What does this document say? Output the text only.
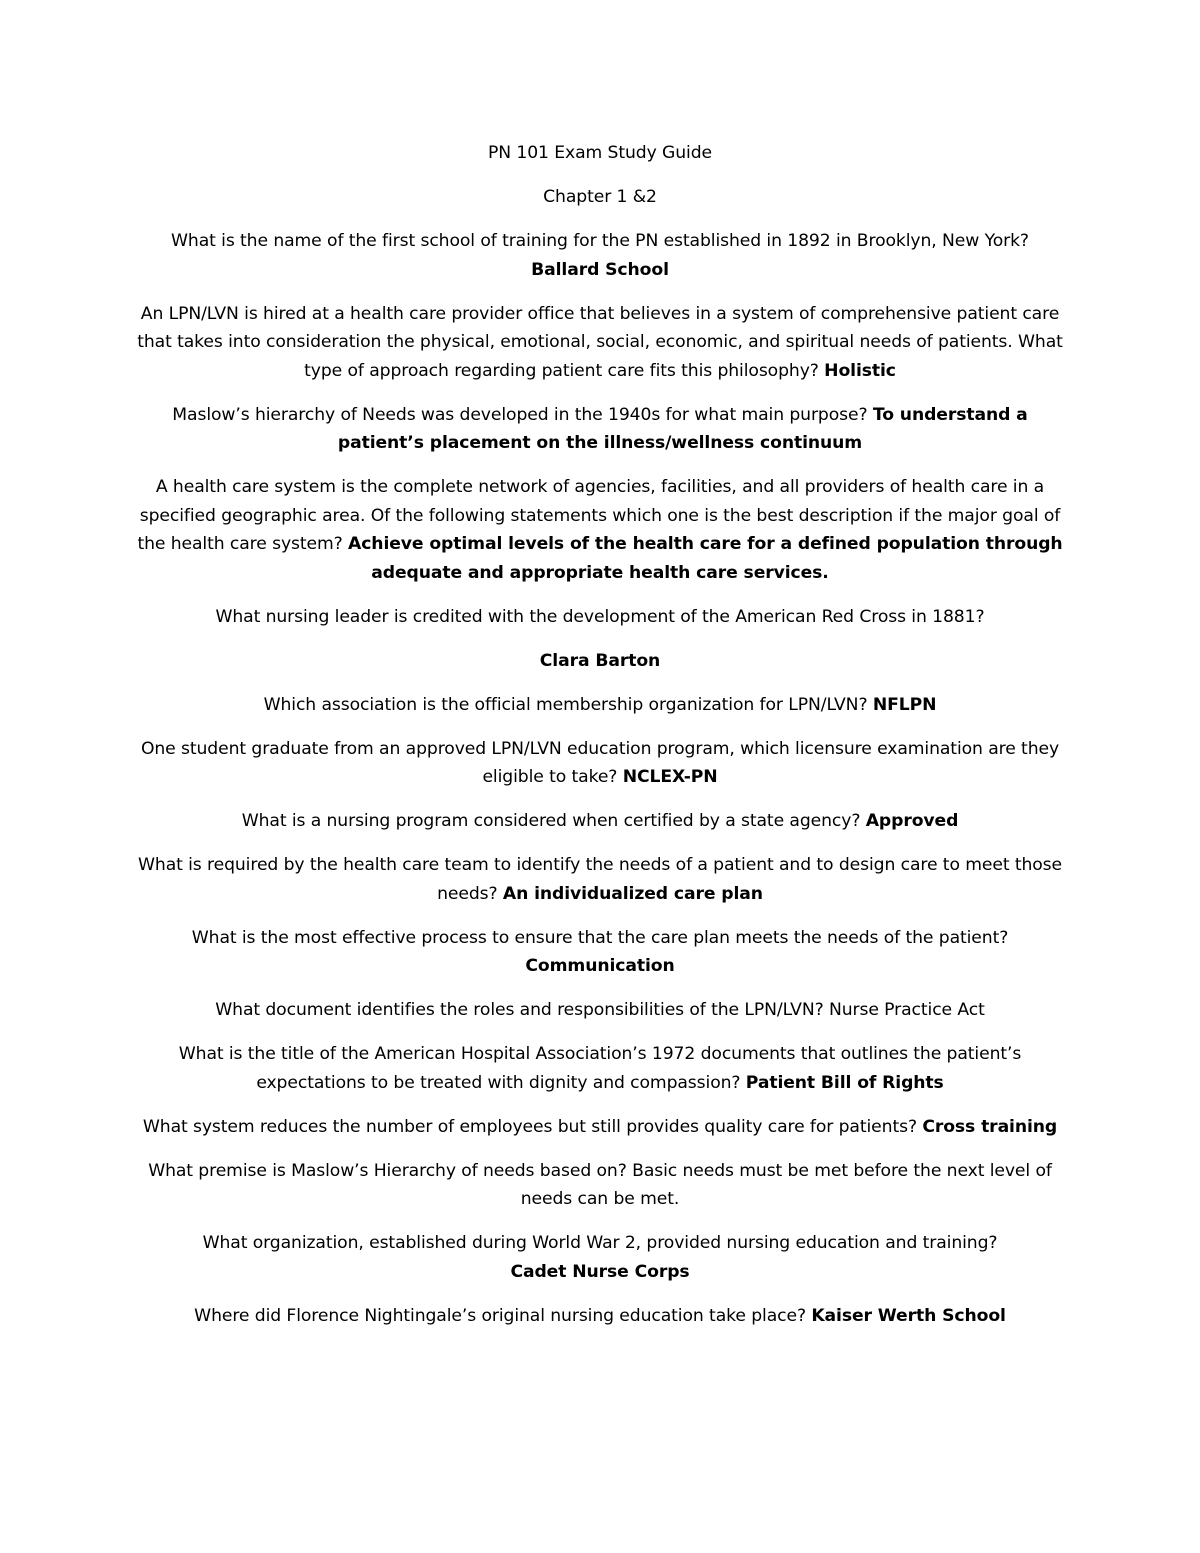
PN 101 Exam Study Guide

Chapter 1 &2

What is the name of the first school of training for the PN established in 1892 in Brooklyn, New York? Ballard School

An LPN/LVN is hired at a health care provider office that believes in a system of comprehensive patient care that takes into consideration the physical, emotional, social, economic, and spiritual needs of patients. What type of approach regarding patient care fits this philosophy? Holistic

Maslow’s hierarchy of Needs was developed in the 1940s for what main purpose? To understand a patient’s placement on the illness/wellness continuum

A health care system is the complete network of agencies, facilities, and all providers of health care in a specified geographic area. Of the following statements which one is the best description if the major goal of the health care system? Achieve optimal levels of the health care for a defined population through adequate and appropriate health care services.

What nursing leader is credited with the development of the American Red Cross in 1881?

Clara Barton

Which association is the official membership organization for LPN/LVN? NFLPN

One student graduate from an approved LPN/LVN education program, which licensure examination are they eligible to take? NCLEX-PN

What is a nursing program considered when certified by a state agency? Approved

What is required by the health care team to identify the needs of a patient and to design care to meet those needs? An individualized care plan

What is the most effective process to ensure that the care plan meets the needs of the patient?
Communication

What document identifies the roles and responsibilities of the LPN/LVN? Nurse Practice Act

What is the title of the American Hospital Association’s 1972 documents that outlines the patient’s expectations to be treated with dignity and compassion? Patient Bill of Rights

What system reduces the number of employees but still provides quality care for patients? Cross training

What premise is Maslow’s Hierarchy of needs based on? Basic needs must be met before the next level of needs can be met.

What organization, established during World War 2, provided nursing education and training?
Cadet Nurse Corps

Where did Florence Nightingale’s original nursing education take place? Kaiser Werth School
